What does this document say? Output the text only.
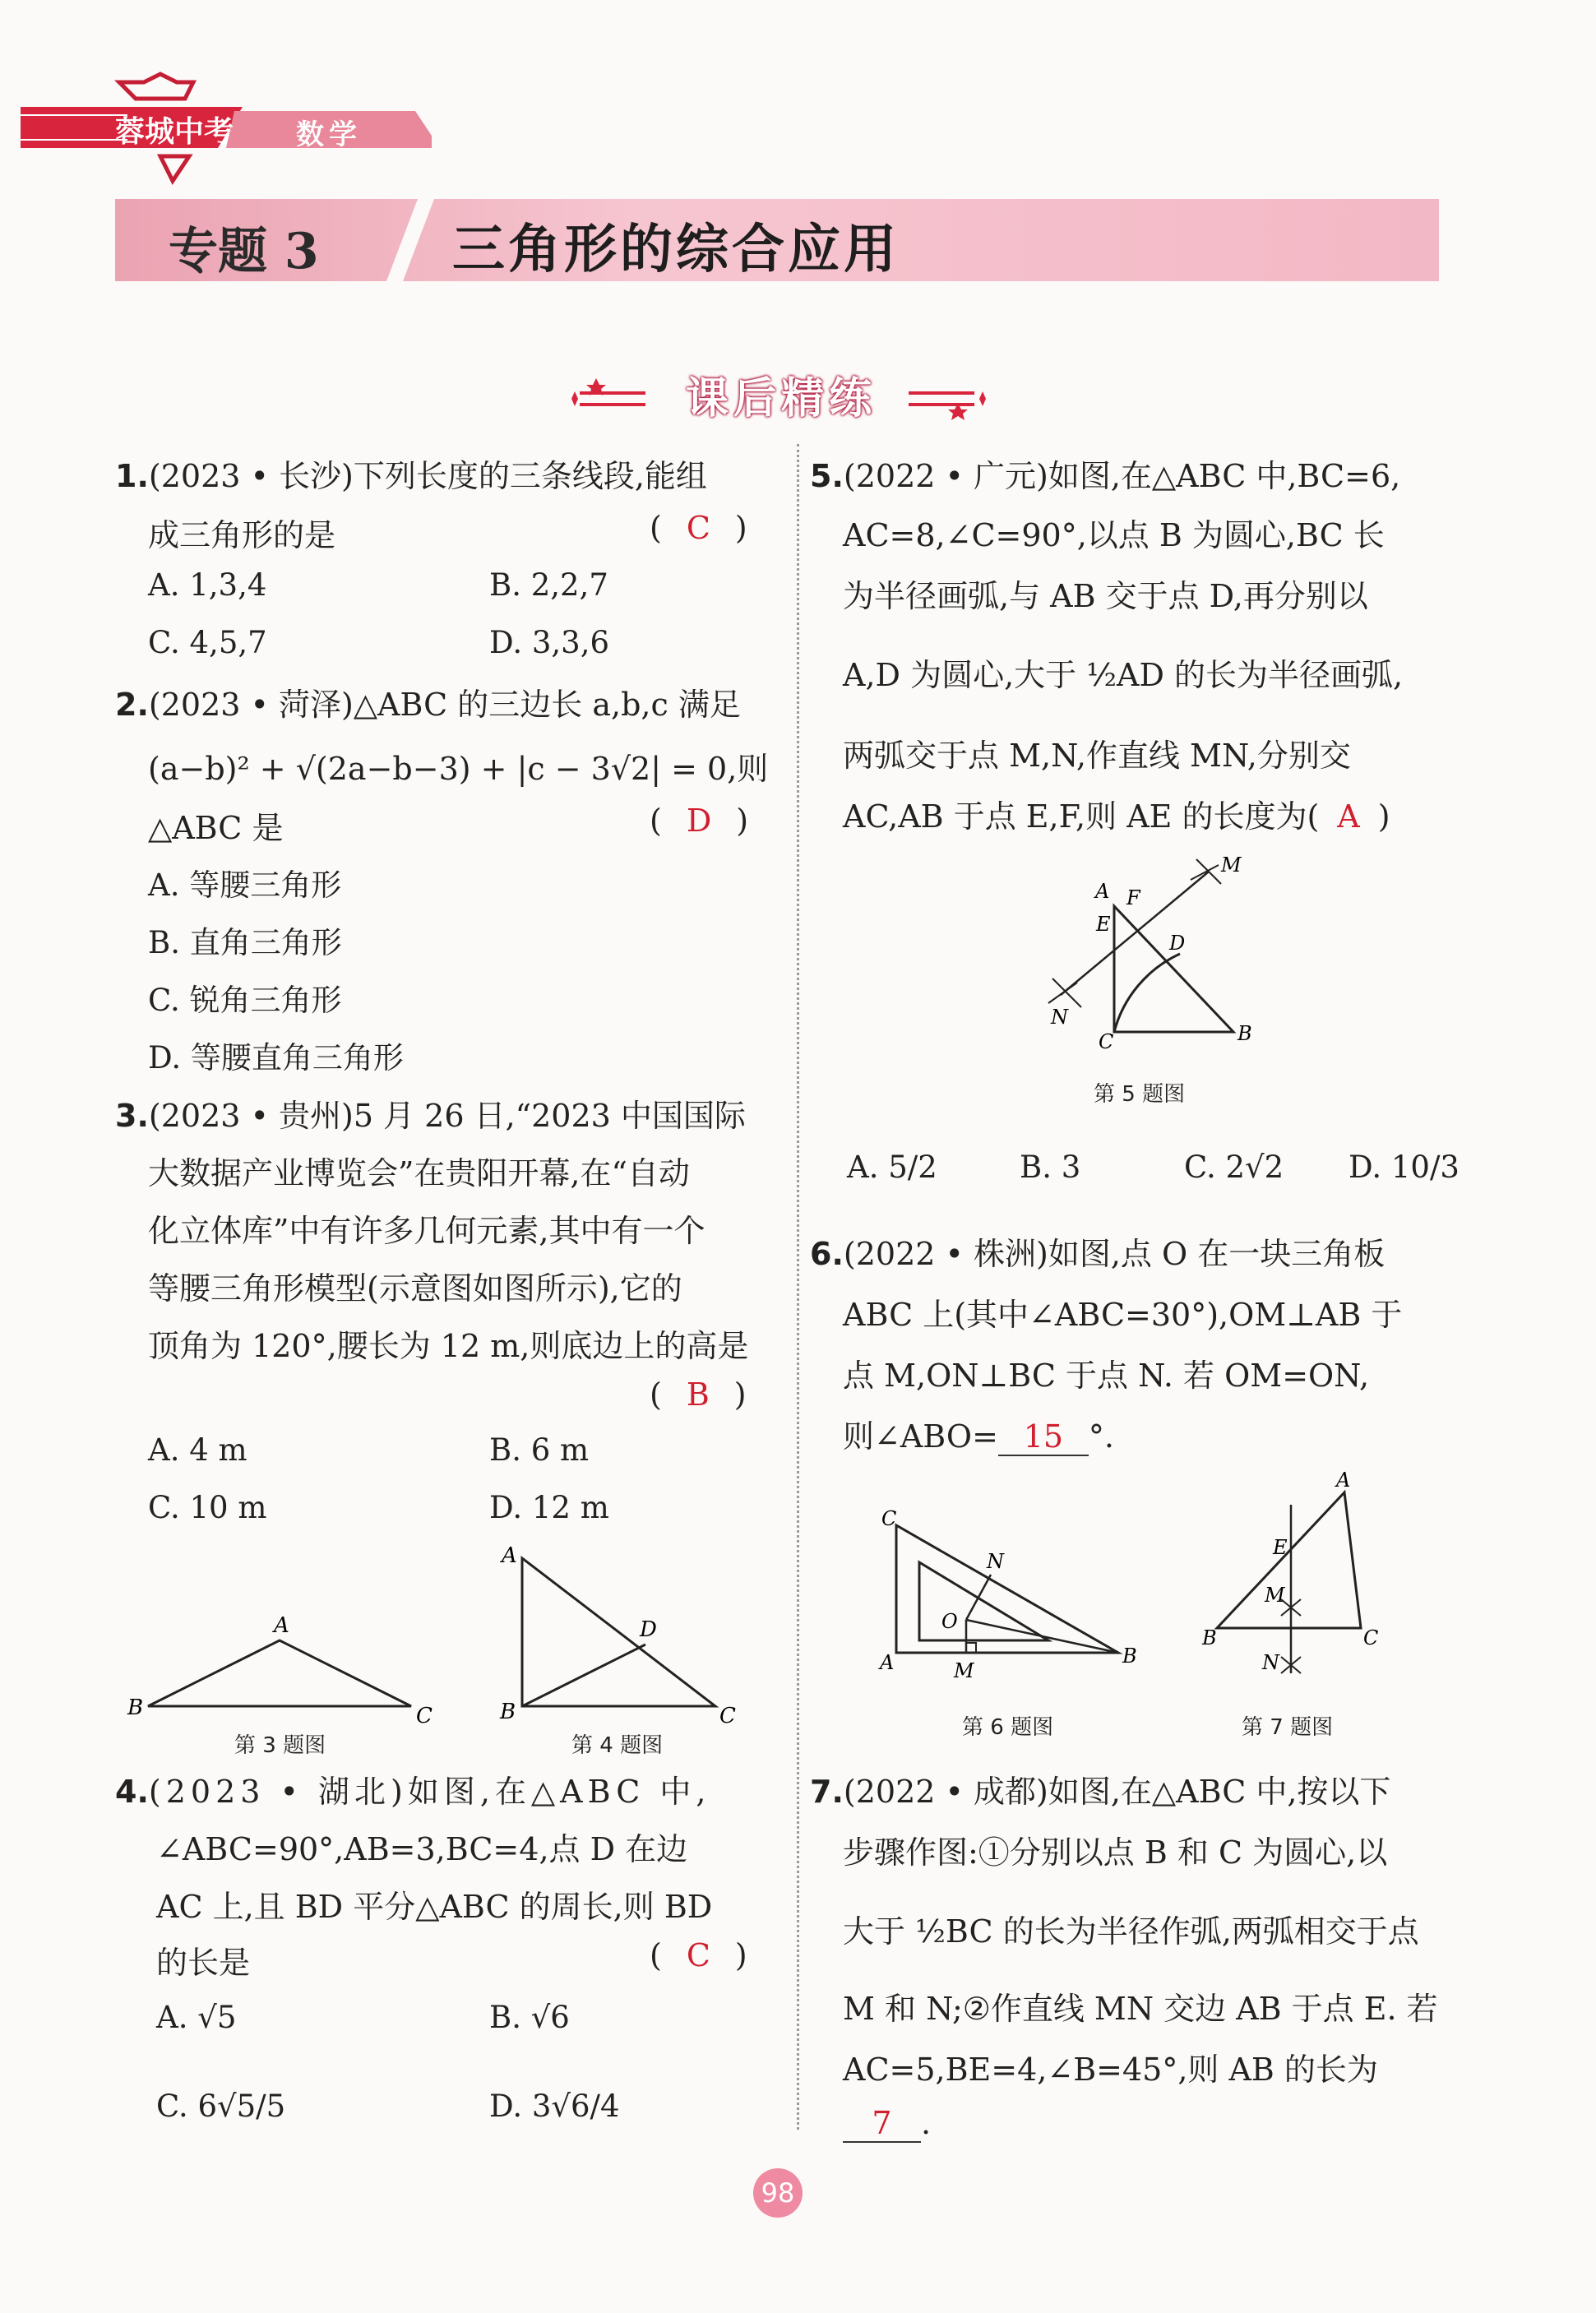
蓉城中考 数学
专题 3	三角形的综合应用
课后精练
1.(2023 • 长沙)下列长度的三条线段,能组
成三角形的是	( C )
A. 1,3,4	B. 2,2,7
C. 4,5,7	D. 3,3,6
2.(2023 • 菏泽)△ABC 的三边长 a,b,c 满足
(a−b)² + √(2a−b−3) + |c − 3√2| = 0,则
△ABC 是	( D )
A. 等腰三角形
B. 直角三角形
C. 锐角三角形
D. 等腰直角三角形
3.(2023 • 贵州)5 月 26 日,“2023 中国国际
大数据产业博览会”在贵阳开幕,在“自动
化立体库”中有许多几何元素,其中有一个
等腰三角形模型(示意图如图所示),它的
顶角为 120°,腰长为 12 m,则底边上的高是
( B )
A. 4 m	B. 6 m
C. 10 m	D. 12 m
A
B	C
第 3 题图
A
B	C
D
第 4 题图
4.(2023 • 湖北)如图,在△ABC 中,
∠ABC=90°,AB=3,BC=4,点 D 在边
AC 上,且 BD 平分△ABC 的周长,则 BD
的长是	( C )
A. √5	B. √6
C. 6√5/5	D. 3√6/4
5.(2022 • 广元)如图,在△ABC 中,BC=6,
AC=8,∠C=90°,以点 B 为圆心,BC 长
为半径画弧,与 AB 交于点 D,再分别以
A,D 为圆心,大于 ½AD 的长为半径画弧,
两弧交于点 M,N,作直线 MN,分别交
AC,AB 于点 E,F,则 AE 的长度为( A )
A F
E
D
M
N
C	B
第 5 题图
A. 5/2	B. 3	C. 2√2 D. 10/3
6.(2022 • 株洲)如图,点 O 在一块三角板
ABC 上(其中∠ABC=30°),OM⊥AB 于
点 M,ON⊥BC 于点 N. 若 OM=ON,
则∠ABO= 15 °.
C
N
O
A	M
B
第 6 题图
A
E
M
B	C
N
第 7 题图
7.(2022 • 成都)如图,在△ABC 中,按以下
步骤作图:①分别以点 B 和 C 为圆心,以
大于 ½BC 的长为半径作弧,两弧相交于点
M 和 N;②作直线 MN 交边 AB 于点 E. 若
AC=5,BE=4,∠B=45°,则 AB 的长为
7 .
98
